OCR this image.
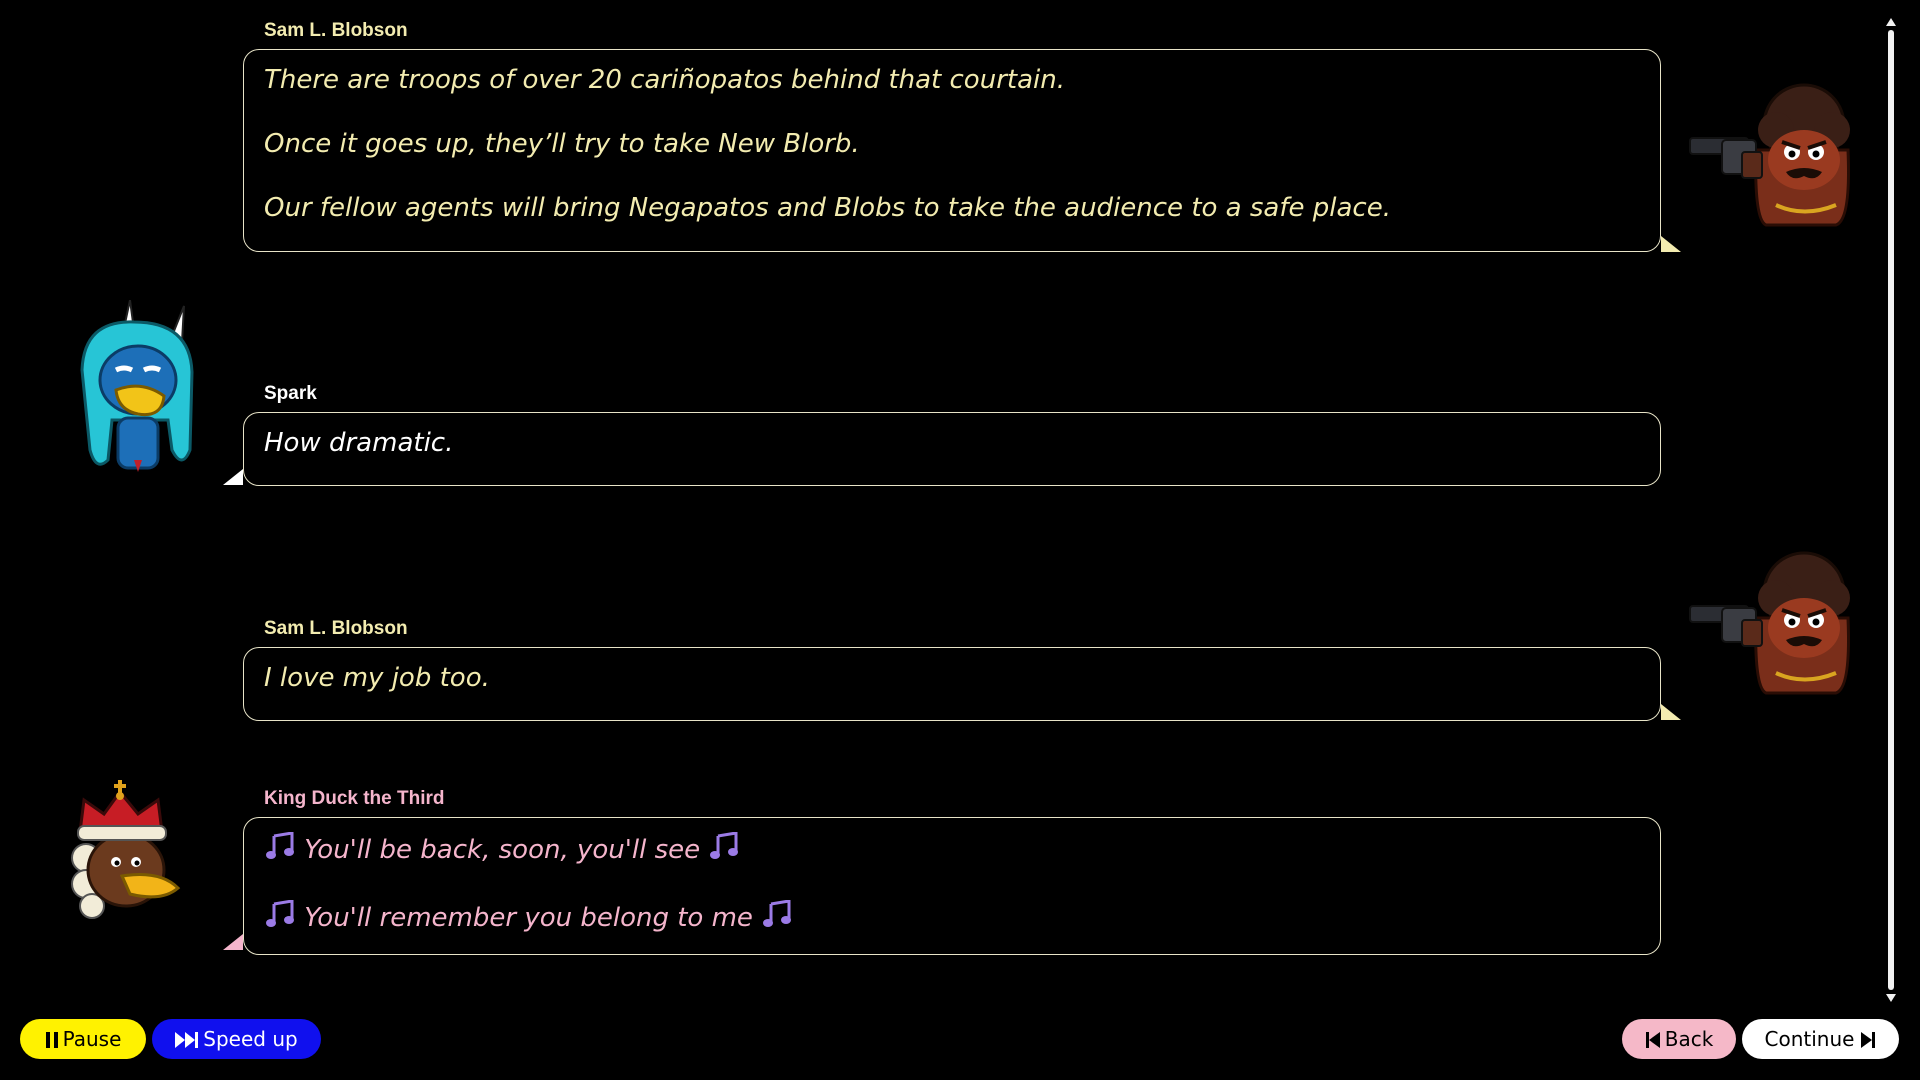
Sam L. Blobson

There are troops of over 20 cariñopatos behind that courtain.

Once it goes up, they’ll try to take New Blorb.

Our fellow agents will bring Negapatos and Blobs to take the audience to a safe place.

Spark

How dramatic.

Sam L. Blobson

I love my job too.

King Duck the Third

You'll be back, soon, you'll see

You'll remember you belong to me

Pause	Speed up	Back	Continue
